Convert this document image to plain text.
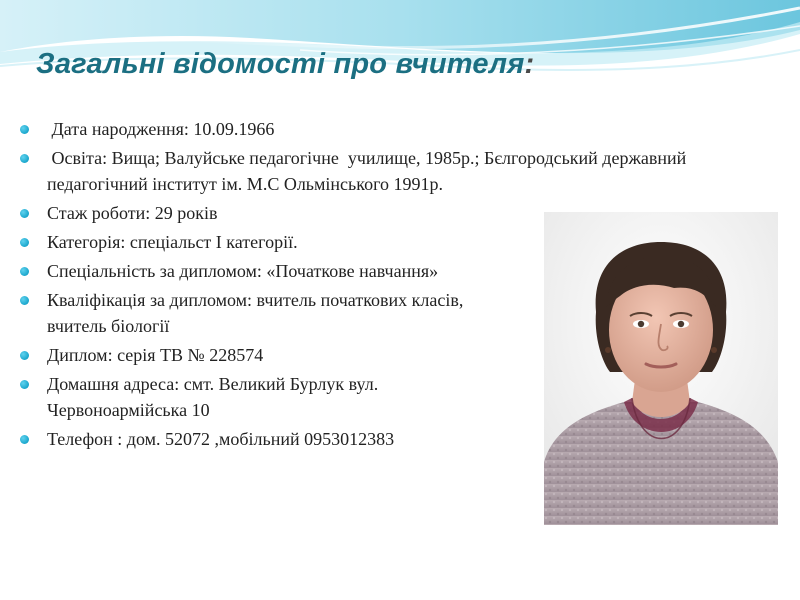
Загальні відомості про вчителя:
Дата народження: 10.09.1966
Освіта: Вища; Валуйське педагогічне  училище, 1985р.; Бєлгородський державний педагогічний інститут ім. М.С Ольмінського 1991р.
Стаж роботи: 29 років
Категорія: спеціальст І категорії.
Спеціальність за дипломом: «Початкове навчання»
Кваліфікація за дипломом: вчитель початкових класів, вчитель біології
Диплом: серія ТВ № 228574
Домашня адреса: смт. Великий Бурлук вул. Червоноармійська 10
Телефон : дом. 52072 ,мобільний 0953012383
